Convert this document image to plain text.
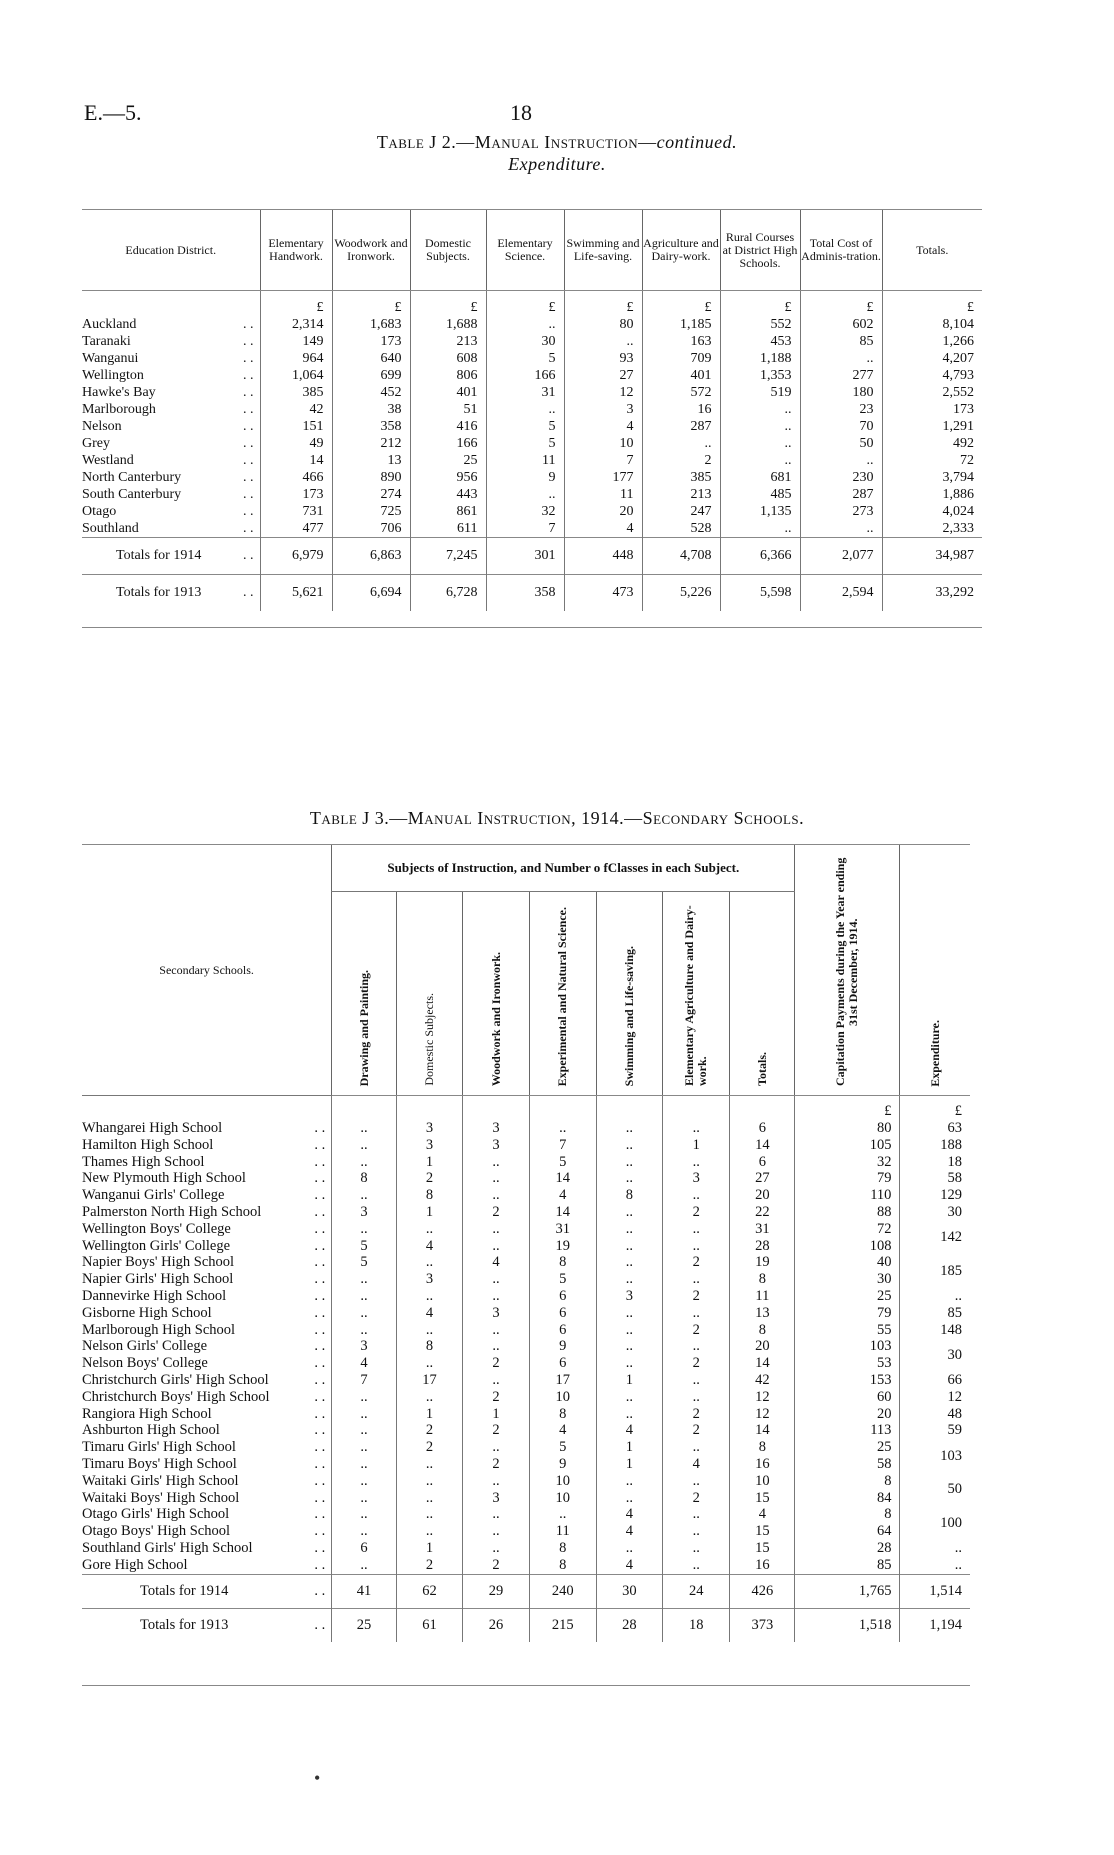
E.—5.	18
Table J 2.—Manual Instruction—continued.
Expenditure.
Education District.	Elementary Handwork.	Woodwork and Ironwork.	Domestic Subjects.	Elementary Science.	Swimming and Life-saving.	Agriculture and Dairy-work.	Rural Courses at District High Schools.	Total Cost of Adminis-tration.	Totals.
	£	£	£	£	£	£	£	£	£
Auckland . .	2,314	1,683	1,688	..	80	1,185	552	602	8,104
Taranaki . .	149	173	213	30	..	163	453	85	1,266
Wanganui . .	964	640	608	5	93	709	1,188	..	4,207
Wellington . .	1,064	699	806	166	27	401	1,353	277	4,793
Hawke's Bay . .	385	452	401	31	12	572	519	180	2,552
Marlborough . .	42	38	51	..	3	16	..	23	173
Nelson . .	151	358	416	5	4	287	..	70	1,291
Grey . .	49	212	166	5	10	..	..	50	492
Westland . .	14	13	25	11	7	2	..	..	72
North Canterbury . .	466	890	956	9	177	385	681	230	3,794
South Canterbury . .	173	274	443	..	11	213	485	287	1,886
Otago . .	731	725	861	32	20	247	1,135	273	4,024
Southland . .	477	706	611	7	4	528	..	..	2,333
Totals for 1914 . .	6,979	6,863	7,245	301	448	4,708	6,366	2,077	34,987
Totals for 1913 . .	5,621	6,694	6,728	358	473	5,226	5,598	2,594	33,292
Table J 3.—Manual Instruction, 1914.—Secondary Schools.
Secondary Schools.	Subjects of Instruction, and Number o fClasses in each Subject.							Capitation Payments during the Year ending 31st December, 1914.	Expenditure.
	Drawing and Painting.	Domestic Subjects.	Woodwork and Ironwork.	Experimental and Natural Science.	Swimming and Life-saving.	Elementary Agriculture and Dairy-work.	Totals.		
								£	£
Whangarei High School . .	..	3	3	..	..	..	6	80	63
Hamilton High School . .	..	3	3	7	..	1	14	105	188
Thames High School . .	..	1	..	5	..	..	6	32	18
New Plymouth High School . .	8	2	..	14	..	3	27	79	58
Wanganui Girls' College . .	..	8	..	4	8	..	20	110	129
Palmerston North High School . .	3	1	2	14	..	2	22	88	30
Wellington Boys' College . .	..	..	..	31	..	..	31	72	142
Wellington Girls' College . .	5	4	..	19	..	..	28	108	
Napier Boys' High School . .	5	..	4	8	..	2	19	40	185
Napier Girls' High School . .	..	3	..	5	..	..	8	30	
Dannevirke High School . .	..	..	..	6	3	2	11	25	..
Gisborne High School . .	..	4	3	6	..	..	13	79	85
Marlborough High School . .	..	..	..	6	..	2	8	55	148
Nelson Girls' College . .	3	8	..	9	..	..	20	103	30
Nelson Boys' College . .	4	..	2	6	..	2	14	53	
Christchurch Girls' High School . .	7	17	..	17	1	..	42	153	66
Christchurch Boys' High School . .	..	..	2	10	..	..	12	60	12
Rangiora High School . .	..	1	1	8	..	2	12	20	48
Ashburton High School . .	..	2	2	4	4	2	14	113	59
Timaru Girls' High School . .	..	2	..	5	1	..	8	25	103
Timaru Boys' High School . .	..	..	2	9	1	4	16	58	
Waitaki Girls' High School . .	..	..	..	10	..	..	10	8	50
Waitaki Boys' High School . .	..	..	3	10	..	2	15	84	
Otago Girls' High School . .	..	..	..	..	4	..	4	8	100
Otago Boys' High School . .	..	..	..	11	4	..	15	64	
Southland Girls' High School . .	6	1	..	8	..	..	15	28	..
Gore High School . .	..	2	2	8	4	..	16	85	..
Totals for 1914 . .	41	62	29	240	30	24	426	1,765	1,514
Totals for 1913 . .	25	61	26	215	28	18	373	1,518	1,194
•
